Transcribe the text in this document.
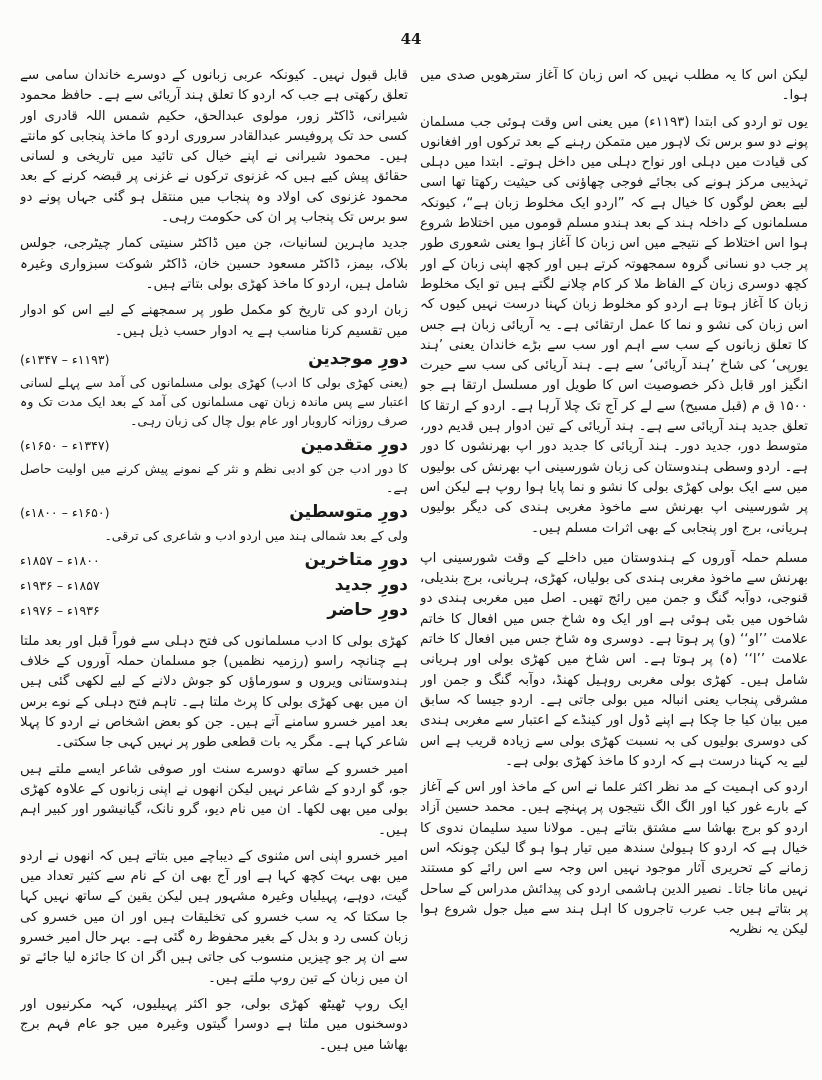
44

لیکن اس کا یہ مطلب نہیں کہ اس زبان کا آغاز سترھویں صدی میں ہوا۔

یوں تو اردو کی ابتدا (۱۱۹۳ء) میں یعنی اس وقت ہوئی جب مسلمان پونے دو سو برس تک لاہور میں متمکن رہنے کے بعد ترکوں اور افغانوں کی قیادت میں دہلی اور نواح دہلی میں داخل ہوتے۔ ابتدا میں دہلی تہذیبی مرکز ہونے کی بجائے فوجی چھاؤنی کی حیثیت رکھتا تھا اسی لیے بعض لوگوں کا خیال ہے کہ ”اردو ایک مخلوط زبان ہے“، کیونکہ مسلمانوں کے داخلہ ہند کے بعد ہندو مسلم قوموں میں اختلاط شروع ہوا اس اختلاط کے نتیجے میں اس زبان کا آغاز ہوا یعنی شعوری طور پر جب دو نسانی گروہ سمجھوتہ کرتے ہیں اور کچھ اپنی زبان کے اور کچھ دوسری زبان کے الفاظ ملا کر کام چلانے لگتے ہیں تو ایک مخلوط زبان کا آغاز ہوتا ہے اردو کو مخلوط زبان کہنا درست نہیں کیوں کہ اس زبان کی نشو و نما کا عمل ارتقائی ہے۔ یہ آریائی زبان ہے جس کا تعلق زبانوں کے سب سے اہم اور سب سے بڑے خاندان یعنی ’ہند یورپی‘ کی شاخ ’ہند آریائی‘ سے ہے۔ ہند آریائی کی سب سے حیرت انگیز اور قابل ذکر خصوصیت اس کا طویل اور مسلسل ارتقا ہے جو ۱۵۰۰ ق م (قبل مسیح) سے لے کر آج تک چلا آرہا ہے۔ اردو کے ارتقا کا تعلق جدید ہند آریائی سے ہے۔ ہند آریائی کے تین ادوار ہیں قدیم دور، متوسط دور، جدید دور۔ ہند آریائی کا جدید دور اپ بھرنشوں کا دور ہے۔ اردو وسطی ہندوستان کی زبان شورسینی اپ بھرنش کی بولیوں میں سے ایک بولی کھڑی بولی کا نشو و نما پایا ہوا روپ ہے لیکن اس پر شورسینی اپ بھرنش سے ماخوذ مغربی ہندی کی دیگر بولیوں ہریانی، برج اور پنجابی کے بھی اثرات مسلم ہیں۔

مسلم حملہ آوروں کے ہندوستان میں داخلے کے وقت شورسینی اپ بھرنش سے ماخوذ مغربی ہندی کی بولیاں، کھڑی، ہریانی، برج بندیلی، قنوجی، دوآبہ گنگ و جمن میں رائج تھیں۔ اصل میں مغربی ہندی دو شاخوں میں بٹی ہوئی ہے اور ایک وہ شاخ جس میں افعال کا خاتم علامت ’’او‘‘ (و) پر ہوتا ہے۔ دوسری وہ شاخ جس میں افعال کا خاتم علامت ’’ا‘‘ (ہ) پر ہوتا ہے۔ اس شاخ میں کھڑی بولی اور ہریانی شامل ہیں۔ کھڑی بولی مغربی روہیل کھنڈ، دوآبہ گنگ و جمن اور مشرقی پنجاب یعنی انبالہ میں بولی جاتی ہے۔ اردو جیسا کہ سابق میں بیان کیا جا چکا ہے اپنے ڈول اور کینڈے کے اعتبار سے مغربی ہندی کی دوسری بولیوں کی بہ نسبت کھڑی بولی سے زیادہ قریب ہے اس لیے یہ کہنا درست ہے کہ اردو کا ماخذ کھڑی بولی ہے۔

اردو کی اہمیت کے مد نظر اکثر علما نے اس کے ماخذ اور اس کے آغاز کے بارے غور کیا اور الگ الگ نتیجوں پر پہنچے ہیں۔ محمد حسین آزاد اردو کو برج بھاشا سے مشتق بتاتے ہیں۔ مولانا سید سلیمان ندوی کا خیال ہے کہ اردو کا ہیولیٰ سندھ میں تیار ہوا ہو گا لیکن چونکہ اس زمانے کے تحریری آثار موجود نہیں اس وجہ سے اس رائے کو مستند نہیں مانا جاتا۔ نصیر الدین ہاشمی اردو کی پیدائش مدراس کے ساحل پر بتاتے ہیں جب عرب تاجروں کا اہل ہند سے میل جول شروع ہوا لیکن یہ نظریہ

قابل قبول نہیں۔ کیونکہ عربی زبانوں کے دوسرے خاندان سامی سے تعلق رکھتی ہے جب کہ اردو کا تعلق ہند آریائی سے ہے۔ حافظ محمود شیرانی، ڈاکٹر زور، مولوی عبدالحق، حکیم شمس اللہ قادری اور کسی حد تک پروفیسر عبدالقادر سروری اردو کا ماخذ پنجابی کو مانتے ہیں۔ محمود شیرانی نے اپنے خیال کی تائید میں تاریخی و لسانی حقائق پیش کیے ہیں کہ غزنوی ترکوں نے غزنی پر قبضہ کرنے کے بعد محمود غزنوی کی اولاد وہ پنجاب میں منتقل ہو گئی جہاں پونے دو سو برس تک پنجاب پر ان کی حکومت رہی۔

جدید ماہرین لسانیات، جن میں ڈاکٹر سنیتی کمار چیٹرجی، جولس بلاک، بیمز، ڈاکٹر مسعود حسین خان، ڈاکٹر شوکت سبزواری وغیرہ شامل ہیں، اردو کا ماخذ کھڑی بولی بتاتے ہیں۔

زبان اردو کی تاریخ کو مکمل طور پر سمجھنے کے لیے اس کو ادوار میں تقسیم کرنا مناسب ہے یہ ادوار حسب ذیل ہیں۔

دورِ موجدین
(۱۱۹۳ء – ۱۳۴۷ء)

(یعنی کھڑی بولی کا ادب) کھڑی بولی مسلمانوں کی آمد سے پہلے لسانی اعتبار سے پس ماندہ زبان تھی مسلمانوں کی آمد کے بعد ایک مدت تک وہ صرف روزانہ کاروبار اور عام بول چال کی زبان رہی۔

دورِ متقدمین
(۱۳۴۷ء – ۱۶۵۰ء)

کا دور ادب جن کو ادبی نظم و نثر کے نمونے پیش کرنے میں اولیت حاصل ہے۔

دورِ متوسطین
(۱۶۵۰ء – ۱۸۰۰ء)

ولی کے بعد شمالی ہند میں اردو ادب و شاعری کی ترقی۔

دورِ متاخرین
۱۸۰۰ء – ۱۸۵۷ء
دورِ جدید
۱۸۵۷ء – ۱۹۳۶ء
دورِ حاضر
۱۹۳۶ء – ۱۹۷۶ء

کھڑی بولی کا ادب مسلمانوں کی فتح دہلی سے فوراً قبل اور بعد ملتا ہے چنانچہ راسو (رزمیہ نظمیں) جو مسلمان حملہ آوروں کے خلاف ہندوستانی ویروں و سورماؤں کو جوش دلانے کے لیے لکھی گئی ہیں ان میں بھی کھڑی بولی کا پرٹ ملتا ہے۔ تاہم فتح دہلی کے نوے برس بعد امیر خسرو سامنے آتے ہیں۔ جن کو بعض اشخاص نے اردو کا پہلا شاعر کہا ہے۔ مگر یہ بات قطعی طور پر نہیں کہی جا سکتی۔

امیر خسرو کے ساتھ دوسرے سنت اور صوفی شاعر ایسے ملتے ہیں جو، گو اردو کے شاعر نہیں لیکن انھوں نے اپنی زبانوں کے علاوہ کھڑی بولی میں بھی لکھا۔ ان میں نام دیو، گرو نانک، گیانیشور اور کبیر اہم ہیں۔

امیر خسرو اپنی اس مثنوی کے دیباچے میں بتاتے ہیں کہ انھوں نے اردو میں بھی بہت کچھ کہا ہے اور آج بھی ان کے نام سے کثیر تعداد میں گیت، دوہے، پہیلیاں وغیرہ مشہور ہیں لیکن یقین کے ساتھ نہیں کہا جا سکتا کہ یہ سب خسرو کی تخلیقات ہیں اور ان میں خسرو کی زبان کسی رد و بدل کے بغیر محفوظ رہ گئی ہے۔ بہر حال امیر خسرو سے ان پر جو چیزیں منسوب کی جاتی ہیں اگر ان کا جائزہ لیا جائے تو ان میں زبان کے تین روپ ملتے ہیں۔

ایک روپ ٹھیٹھ کھڑی بولی، جو اکثر پہیلیوں، کہہ مکرنیوں اور دوسخنوں میں ملتا ہے دوسرا گیتوں وغیرہ میں جو عام فہم برج بھاشا میں ہیں۔
